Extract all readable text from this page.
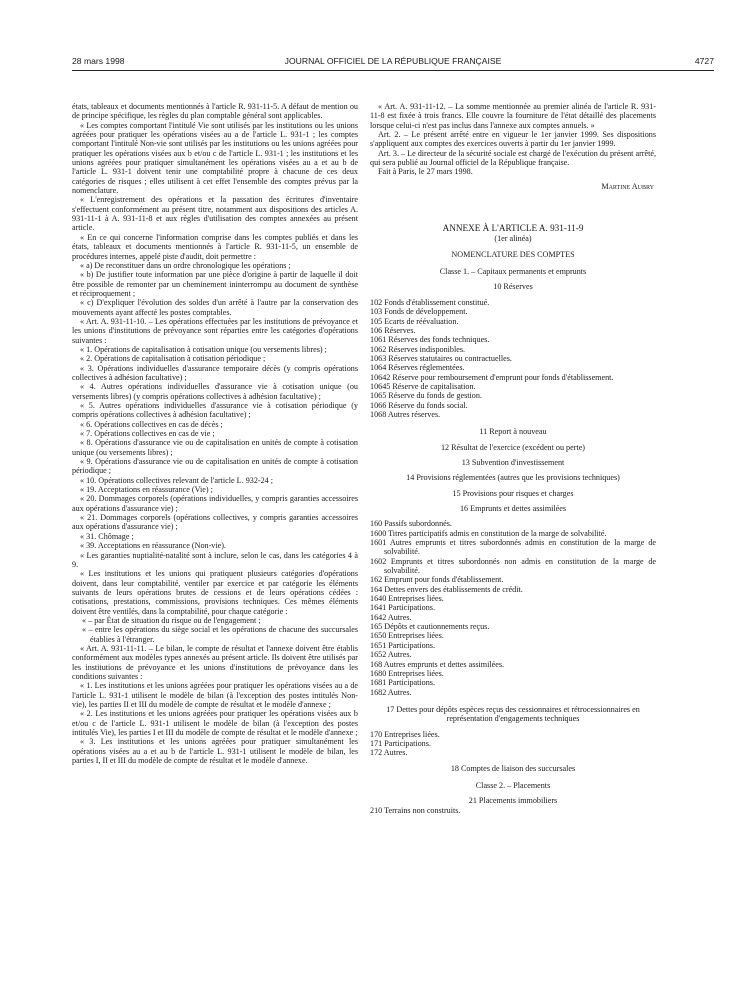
28 mars 1998	JOURNAL OFFICIEL DE LA RÉPUBLIQUE FRANÇAISE	4727

états, tableaux et documents mentionnés à l'article R. 931-11-5. A défaut de mention ou de principe spécifique, les règles du plan comptable général sont applicables.

« Les comptes comportant l'intitulé Vie sont utilisés par les institutions ou les unions agréées pour pratiquer les opérations visées au a de l'article L. 931-1 ; les comptes comportant l'intitulé Non-vie sont utilisés par les institutions ou les unions agréées pour pratiquer les opérations visées aux b et/ou c de l'article L. 931-1 ; les institutions et les unions agréées pour pratiquer simultanément les opérations visées au a et au b de l'article L. 931-1 doivent tenir une comptabilité propre à chacune de ces deux catégories de risques ; elles utilisent à cet effet l'ensemble des comptes prévus par la nomenclature.

« L'enregistrement des opérations et la passation des écritures d'inventaire s'effectuent conformément au présent titre, notamment aux dispositions des articles A. 931-11-1 à A. 931-11-8 et aux règles d'utilisation des comptes annexées au présent article.

« En ce qui concerne l'information comprise dans les comptes publiés et dans les états, tableaux et documents mentionnés à l'article R. 931-11-5, un ensemble de procédures internes, appelé piste d'audit, doit permettre :

« a) De reconstituer dans un ordre chronologique les opérations ;

« b) De justifier toute information par une pièce d'origine à partir de laquelle il doit être possible de remonter par un cheminement ininterrompu au document de synthèse et réciproquement ;

« c) D'expliquer l'évolution des soldes d'un arrêté à l'autre par la conservation des mouvements ayant affecté les postes comptables.

« Art. A. 931-11-10. – Les opérations effectuées par les institutions de prévoyance et les unions d'institutions de prévoyance sont réparties entre les catégories d'opérations suivantes :

« 1. Opérations de capitalisation à cotisation unique (ou versements libres) ;

« 2. Opérations de capitalisation à cotisation périodique ;

« 3. Opérations individuelles d'assurance temporaire décès (y compris opérations collectives à adhésion facultative) ;

« 4. Autres opérations individuelles d'assurance vie à cotisation unique (ou versements libres) (y compris opérations collectives à adhésion facultative) ;

« 5. Autres opérations individuelles d'assurance vie à cotisation périodique (y compris opérations collectives à adhésion facultative) ;

« 6. Opérations collectives en cas de décès ;

« 7. Opérations collectives en cas de vie ;

« 8. Opérations d'assurance vie ou de capitalisation en unités de compte à cotisation unique (ou versements libres) ;

« 9. Opérations d'assurance vie ou de capitalisation en unités de compte à cotisation périodique ;

« 10. Opérations collectives relevant de l'article L. 932-24 ;

« 19. Acceptations en réassurance (Vie) ;

« 20. Dommages corporels (opérations individuelles, y compris garanties accessoires aux opérations d'assurance vie) ;

« 21. Dommages corporels (opérations collectives, y compris garanties accessoires aux opérations d'assurance vie) ;

« 31. Chômage ;

« 39. Acceptations en réassurance (Non-vie).

« Les garanties nuptialité-natalité sont à inclure, selon le cas, dans les catégories 4 à 9.

« Les institutions et les unions qui pratiquent plusieurs catégories d'opérations doivent, dans leur comptabilité, ventiler par exercice et par catégorie les éléments suivants de leurs opérations brutes de cessions et de leurs opérations cédées : cotisations, prestations, commissions, provisions techniques. Ces mêmes éléments doivent être ventilés, dans la comptabilité, pour chaque catégorie :

« – par État de situation du risque ou de l'engagement ;

« – entre les opérations du siège social et les opérations de chacune des succursales établies à l'étranger.

« Art. A. 931-11-11. – Le bilan, le compte de résultat et l'annexe doivent être établis conformément aux modèles types annexés au présent article. Ils doivent être utilisés par les institutions de prévoyance et les unions d'institutions de prévoyance dans les conditions suivantes :

« 1. Les institutions et les unions agréées pour pratiquer les opérations visées au a de l'article L. 931-1 utilisent le modèle de bilan (à l'exception des postes intitulés Non-vie), les parties II et III du modèle de compte de résultat et le modèle d'annexe ;

« 2. Les institutions et les unions agréées pour pratiquer les opérations visées aux b et/ou c de l'article L. 931-1 utilisent le modèle de bilan (à l'exception des postes intitulés Vie), les parties I et III du modèle de compte de résultat et le modèle d'annexe ;

« 3. Les institutions et les unions agréées pour pratiquer simultanément les opérations visées au a et au b de l'article L. 931-1 utilisent le modèle de bilan, les parties I, II et III du modèle de compte de résultat et le modèle d'annexe.

« Art. A. 931-11-12. – La somme mentionnée au premier alinéa de l'article R. 931-11-8 est fixée à trois francs. Elle couvre la fourniture de l'état détaillé des placements lorsque celui-ci n'est pas inclus dans l'annexe aux comptes annuels. »

Art. 2. – Le présent arrêté entre en vigueur le 1er janvier 1999. Ses dispositions s'appliquent aux comptes des exercices ouverts à partir du 1er janvier 1999.

Art. 3. – Le directeur de la sécurité sociale est chargé de l'exécution du présent arrêté, qui sera publié au Journal officiel de la République française.

Fait à Paris, le 27 mars 1998.

Martine Aubry

ANNEXE À L'ARTICLE A. 931-11-9

(1er alinéa)

NOMENCLATURE DES COMPTES

Classe 1. – Capitaux permanents et emprunts

10 Réserves

102 Fonds d'établissement constitué.

103 Fonds de développement.

105 Ecarts de réévaluation.

106 Réserves.

1061 Réserves des fonds techniques.

1062 Réserves indisponibles.

1063 Réserves statutaires ou contractuelles.

1064 Réserves réglementées.

10642 Réserve pour remboursement d'emprunt pour fonds d'établissement.

10645 Réserve de capitalisation.

1065 Réserve du fonds de gestion.

1066 Réserve du fonds social.

1068 Autres réserves.

11 Report à nouveau

12 Résultat de l'exercice (excédent ou perte)

13 Subvention d'investissement

14 Provisions réglementées (autres que les provisions techniques)

15 Provisions pour risques et charges

16 Emprunts et dettes assimilées

160 Passifs subordonnés.

1600 Titres participatifs admis en constitution de la marge de solvabilité.

1601 Autres emprunts et titres subordonnés admis en constitution de la marge de solvabilité.

1602 Emprunts et titres subordonnés non admis en constitution de la marge de solvabilité.

162 Emprunt pour fonds d'établissement.

164 Dettes envers des établissements de crédit.

1640 Entreprises liées.

1641 Participations.

1642 Autres.

165 Dépôts et cautionnements reçus.

1650 Entreprises liées.

1651 Participations.

1652 Autres.

168 Autres emprunts et dettes assimilées.

1680 Entreprises liées.

1681 Participations.

1682 Autres.

17 Dettes pour dépôts espèces reçus des cessionnaires et rétrocessionnaires en représentation d'engagements techniques

170 Entreprises liées.

171 Participations.

172 Autres.

18 Comptes de liaison des succursales

Classe 2. – Placements

21 Placements immobiliers

210 Terrains non construits.
